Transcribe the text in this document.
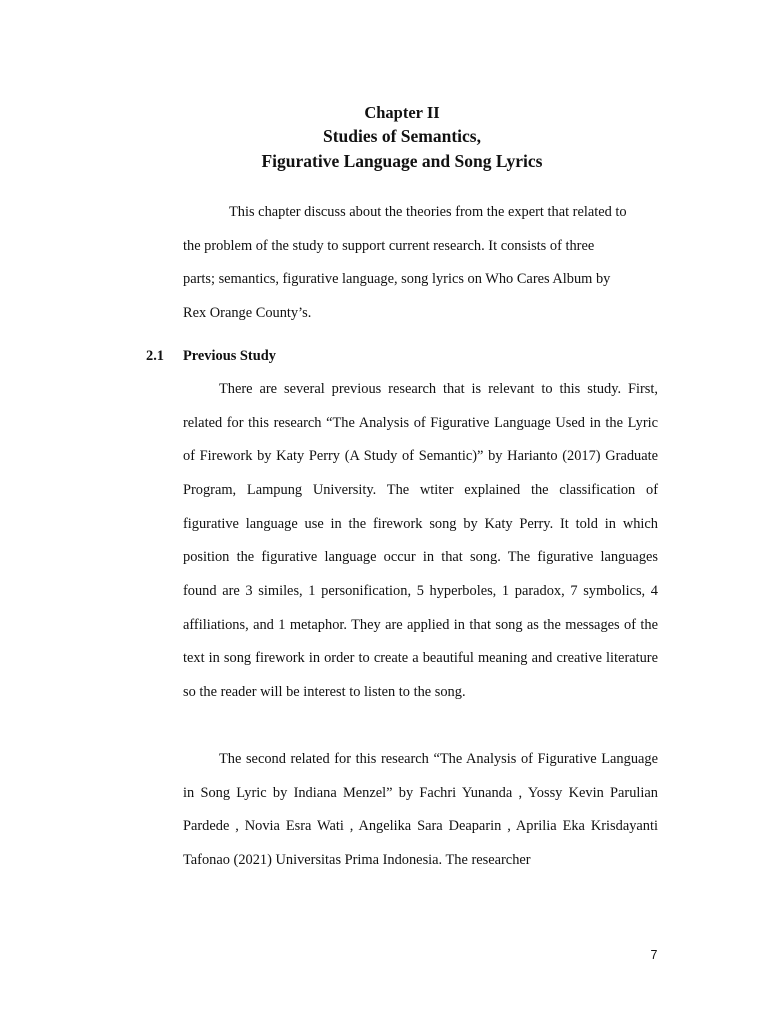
Chapter II
Studies of Semantics,
Figurative Language and Song Lyrics
This chapter discuss about the theories from the expert that related to
the problem of the study to support current research. It consists of three
parts; semantics, figurative language, song lyrics on Who Cares Album by
Rex Orange County’s.
2.1 Previous Study

There are several previous research that is relevant to this study. First, related for this research “The Analysis of Figurative Language Used in the Lyric of Firework by Katy Perry (A Study of Semantic)” by Harianto (2017) Graduate Program, Lampung University. The wtiter explained the classification of figurative language use in the firework song by Katy Perry. It told in which position the figurative language occur in that song. The figurative languages found are 3 similes, 1 personification, 5 hyperboles, 1 paradox, 7 symbolics, 4 affiliations, and 1 metaphor. They are applied in that song as the messages of the text in song firework in order to create a beautiful meaning and creative literature so the reader will be interest to listen to the song.

The second related for this research “The Analysis of Figurative Language in Song Lyric by Indiana Menzel” by Fachri Yunanda , Yossy Kevin Parulian Pardede , Novia Esra Wati , Angelika Sara Deaparin , Aprilia Eka Krisdayanti Tafonao (2021) Universitas Prima Indonesia. The researcher

7
